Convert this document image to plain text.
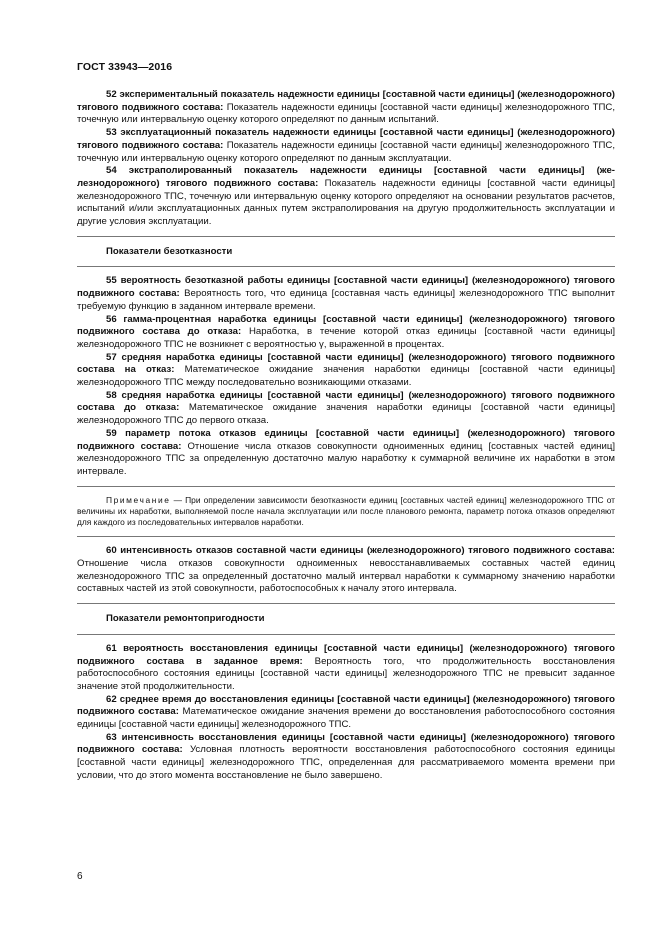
ГОСТ 33943—2016

52 экспериментальный показатель надежности единицы [составной части единицы] (железнодорожного) тягового подвижного состава: Показатель надежности единицы [составной части единицы] железнодорожного ТПС, точечную или интервальную оценку которого определяют по данным испытаний.

53 эксплуатационный показатель надежности единицы [составной части единицы] (железнодорожного) тягового подвижного состава: Показатель надежности единицы [составной части единицы] железнодорожного ТПС, точечную или интервальную оценку которого определяют по данным эксплуатации.

54 экстраполированный показатель надежности единицы [составной части единицы] (железнодорожного) тягового подвижного состава: Показатель надежности единицы [составной части единицы] железнодорожного ТПС, точечную или интервальную оценку которого определяют на основании результатов расчетов, испытаний и/или эксплуатационных данных путем экстраполирования на другую продолжительность эксплуатации и другие условия эксплуатации.

Показатели безотказности

55 вероятность безотказной работы единицы [составной части единицы] (железнодорожного) тягового подвижного состава: Вероятность того, что единица [составная часть единицы] железнодорожного ТПС выполнит требуемую функцию в заданном интервале времени.

56 гамма-процентная наработка единицы [составной части единицы] (железнодорожного) тягового подвижного состава до отказа: Наработка, в течение которой отказ единицы [составной части единицы] железнодорожного ТПС не возникнет с вероятностью γ, выраженной в процентах.

57 средняя наработка единицы [составной части единицы] (железнодорожного) тягового подвижного состава на отказ: Математическое ожидание значения наработки единицы [составной части единицы] железнодорожного ТПС между последовательно возникающими отказами.

58 средняя наработка единицы [составной части единицы] (железнодорожного) тягового подвижного состава до отказа: Математическое ожидание значения наработки единицы [составной части единицы] железнодорожного ТПС до первого отказа.

59 параметр потока отказов единицы [составной части единицы] (железнодорожного) тягового подвижного состава: Отношение числа отказов совокупности одноименных единиц [составных частей единиц] железнодорожного ТПС за определенную достаточно малую наработку к суммарной величине их наработки в этом интервале.

Примечание — При определении зависимости безотказности единиц [составных частей единиц] железнодорожного ТПС от величины их наработки, выполняемой после начала эксплуатации или после планового ремонта, параметр потока отказов определяют для каждого из последовательных интервалов наработки.

60 интенсивность отказов составной части единицы (железнодорожного) тягового подвижного состава: Отношение числа отказов совокупности одноименных невосстанавливаемых составных частей единиц железнодорожного ТПС за определенный достаточно малый интервал наработки к суммарному значению наработки составных частей из этой совокупности, работоспособных к началу этого интервала.

Показатели ремонтопригодности

61 вероятность восстановления единицы [составной части единицы] (железнодорожного) тягового подвижного состава в заданное время: Вероятность того, что продолжительность восстановления работоспособного состояния единицы [составной части единицы] железнодорожного ТПС не превысит заданное значение этой продолжительности.

62 среднее время до восстановления единицы [составной части единицы] (железнодорожного) тягового подвижного состава: Математическое ожидание значения времени до восстановления работоспособного состояния единицы [составной части единицы] железнодорожного ТПС.

63 интенсивность восстановления единицы [составной части единицы] (железнодорожного) тягового подвижного состава: Условная плотность вероятности восстановления работоспособного состояния единицы [составной части единицы] железнодорожного ТПС, определенная для рассматриваемого момента времени при условии, что до этого момента восстановление не было завершено.

6
